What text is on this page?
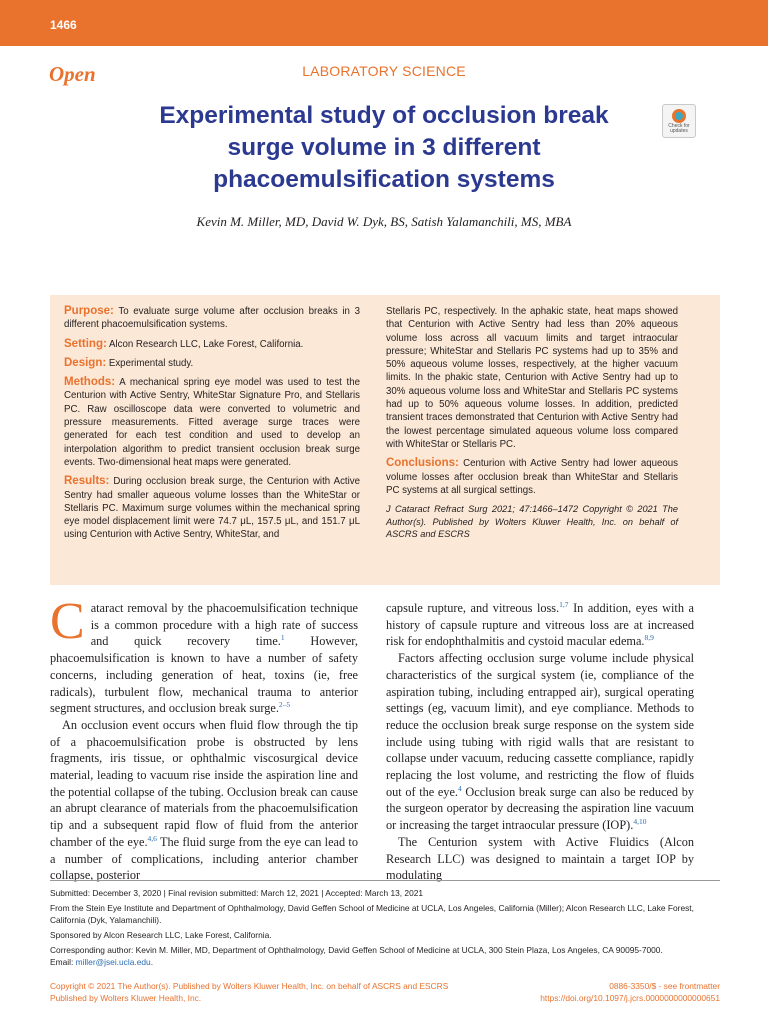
1466
Open	LABORATORY SCIENCE
Experimental study of occlusion break
surge volume in 3 different
phacoemulsification systems
Check for
updates
Kevin M. Miller, MD, David W. Dyk, BS, Satish Yalamanchili, MS, MBA

Purpose: To evaluate surge volume after occlusion breaks in 3 different phacoemulsification systems.

Setting: Alcon Research LLC, Lake Forest, California.

Design: Experimental study.

Methods: A mechanical spring eye model was used to test the Centurion with Active Sentry, WhiteStar Signature Pro, and Stellaris PC. Raw oscilloscope data were converted to volumetric and pressure measurements. Fitted average surge traces were generated for each test condition and used to develop an interpolation algorithm to predict transient occlusion break surge events. Two-dimensional heat maps were generated.

Results: During occlusion break surge, the Centurion with Active Sentry had smaller aqueous volume losses than the WhiteStar or Stellaris PC. Maximum surge volumes within the mechanical spring eye model displacement limit were 74.7 μL, 157.5 μL, and 151.7 μL using Centurion with Active Sentry, WhiteStar, and

Stellaris PC, respectively. In the aphakic state, heat maps showed that Centurion with Active Sentry had less than 20% aqueous volume loss across all vacuum limits and target intraocular pressure; WhiteStar and Stellaris PC systems had up to 35% and 50% aqueous volume losses, respectively, at the higher vacuum limits. In the phakic state, Centurion with Active Sentry had up to 30% aqueous volume loss and WhiteStar and Stellaris PC systems had up to 50% aqueous volume losses. In addition, predicted transient traces demonstrated that Centurion with Active Sentry had the lowest percentage simulated aqueous volume loss compared with WhiteStar or Stellaris PC.

Conclusions: Centurion with Active Sentry had lower aqueous volume losses after occlusion break than WhiteStar and Stellaris PC systems at all surgical settings.

J Cataract Refract Surg 2021; 47:1466–1472 Copyright © 2021 The Author(s). Published by Wolters Kluwer Health, Inc. on behalf of ASCRS and ESCRS

Cataract removal by the phacoemulsification technique is a common procedure with a high rate of success and quick recovery time.$^1$ However, phacoemulsification is known to have a number of safety concerns, including generation of heat, toxins (ie, free radicals), turbulent flow, mechanical trauma to anterior segment structures, and occlusion break surge.$^{2-5}$

An occlusion event occurs when fluid flow through the tip of a phacoemulsification probe is obstructed by lens fragments, iris tissue, or ophthalmic viscosurgical device material, leading to vacuum rise inside the aspiration line and the potential collapse of the tubing. Occlusion break can cause an abrupt clearance of materials from the phacoemulsification tip and a subsequent rapid flow of fluid from the anterior chamber of the eye.$^{4,6}$ The fluid surge from the eye can lead to a number of complications, including anterior chamber collapse, posterior

capsule rupture, and vitreous loss.$^{1,7}$ In addition, eyes with a history of capsule rupture and vitreous loss are at increased risk for endophthalmitis and cystoid macular edema.$^{8,9}$

Factors affecting occlusion surge volume include physical characteristics of the surgical system (ie, compliance of the aspiration tubing, including entrapped air), surgical operating settings (eg, vacuum limit), and eye compliance. Methods to reduce the occlusion break surge response on the system side include using tubing with rigid walls that are resistant to collapse under vacuum, reducing cassette compliance, rapidly replacing the lost volume, and restricting the flow of fluids out of the eye.$^4$ Occlusion break surge can also be reduced by the surgeon operator by decreasing the aspiration line vacuum or increasing the target intraocular pressure (IOP).$^{4,10}$

The Centurion system with Active Fluidics (Alcon Research LLC) was designed to maintain a target IOP by modulating

Submitted: December 3, 2020 | Final revision submitted: March 12, 2021 | Accepted: March 13, 2021

From the Stein Eye Institute and Department of Ophthalmology, David Geffen School of Medicine at UCLA, Los Angeles, California (Miller); Alcon Research LLC, Lake Forest, California (Dyk, Yalamanchili).

Sponsored by Alcon Research LLC, Lake Forest, California.

Corresponding author: Kevin M. Miller, MD, Department of Ophthalmology, David Geffen School of Medicine at UCLA, 300 Stein Plaza, Los Angeles, CA 90095-7000.
Email: miller@jsei.ucla.edu.

Copyright © 2021 The Author(s). Published by Wolters Kluwer Health, Inc. on behalf of ASCRS and ESCRS
Published by Wolters Kluwer Health, Inc.
0886-3350/$ - see frontmatter
https://doi.org/10.1097/j.jcrs.0000000000000651
